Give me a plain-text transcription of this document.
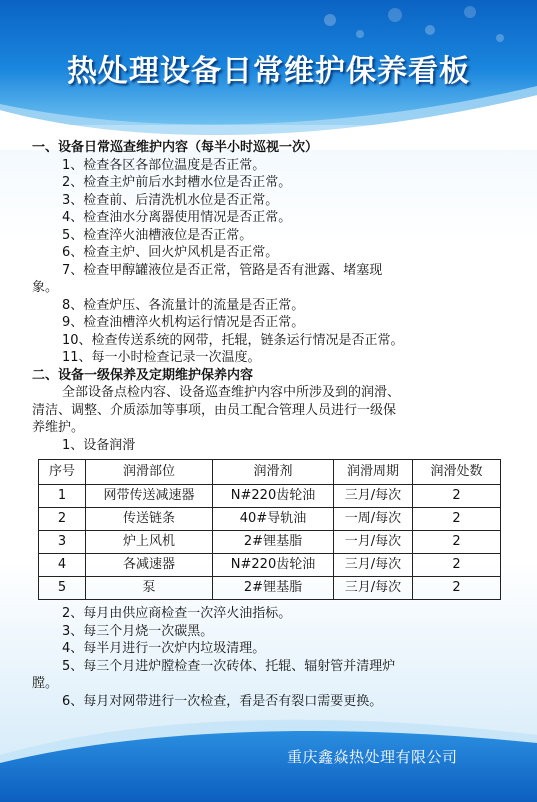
热处理设备日常维护保养看板

一、设备日常巡查维护内容（每半小时巡视一次）

1、检查各区各部位温度是否正常。

2、检查主炉前后水封槽水位是否正常。

3、检查前、后清洗机水位是否正常。

4、检查油水分离器使用情况是否正常。

5、检查淬火油槽液位是否正常。

6、检查主炉、回火炉风机是否正常。

7、检查甲醇罐液位是否正常，管路是否有泄露、堵塞现

象。

8、检查炉压、各流量计的流量是否正常。

9、检查油槽淬火机构运行情况是否正常。

10、检查传送系统的网带，托辊，链条运行情况是否正常。

11、每一小时检查记录一次温度。

二、设备一级保养及定期维护保养内容

全部设备点检内容、设备巡查维护内容中所涉及到的润滑、

清洁、调整、介质添加等事项，由员工配合管理人员进行一级保

养维护。

1、设备润滑

序号	润滑部位	润滑剂	润滑周期	润滑处数
1	网带传送减速器	N#220齿轮油	三月/每次	2
2	传送链条	40#导轨油	一周/每次	2
3	炉上风机	2#锂基脂	一月/每次	2
4	各减速器	N#220齿轮油	三月/每次	2
5	泵	2#锂基脂	三月/每次	2

2、每月由供应商检查一次淬火油指标。

3、每三个月烧一次碳黑。

4、每半月进行一次炉内垃圾清理。

5、每三个月进炉膛检查一次砖体、托辊、辐射管并清理炉

膛。

6、每月对网带进行一次检查，看是否有裂口需要更换。

重庆鑫焱热处理有限公司
